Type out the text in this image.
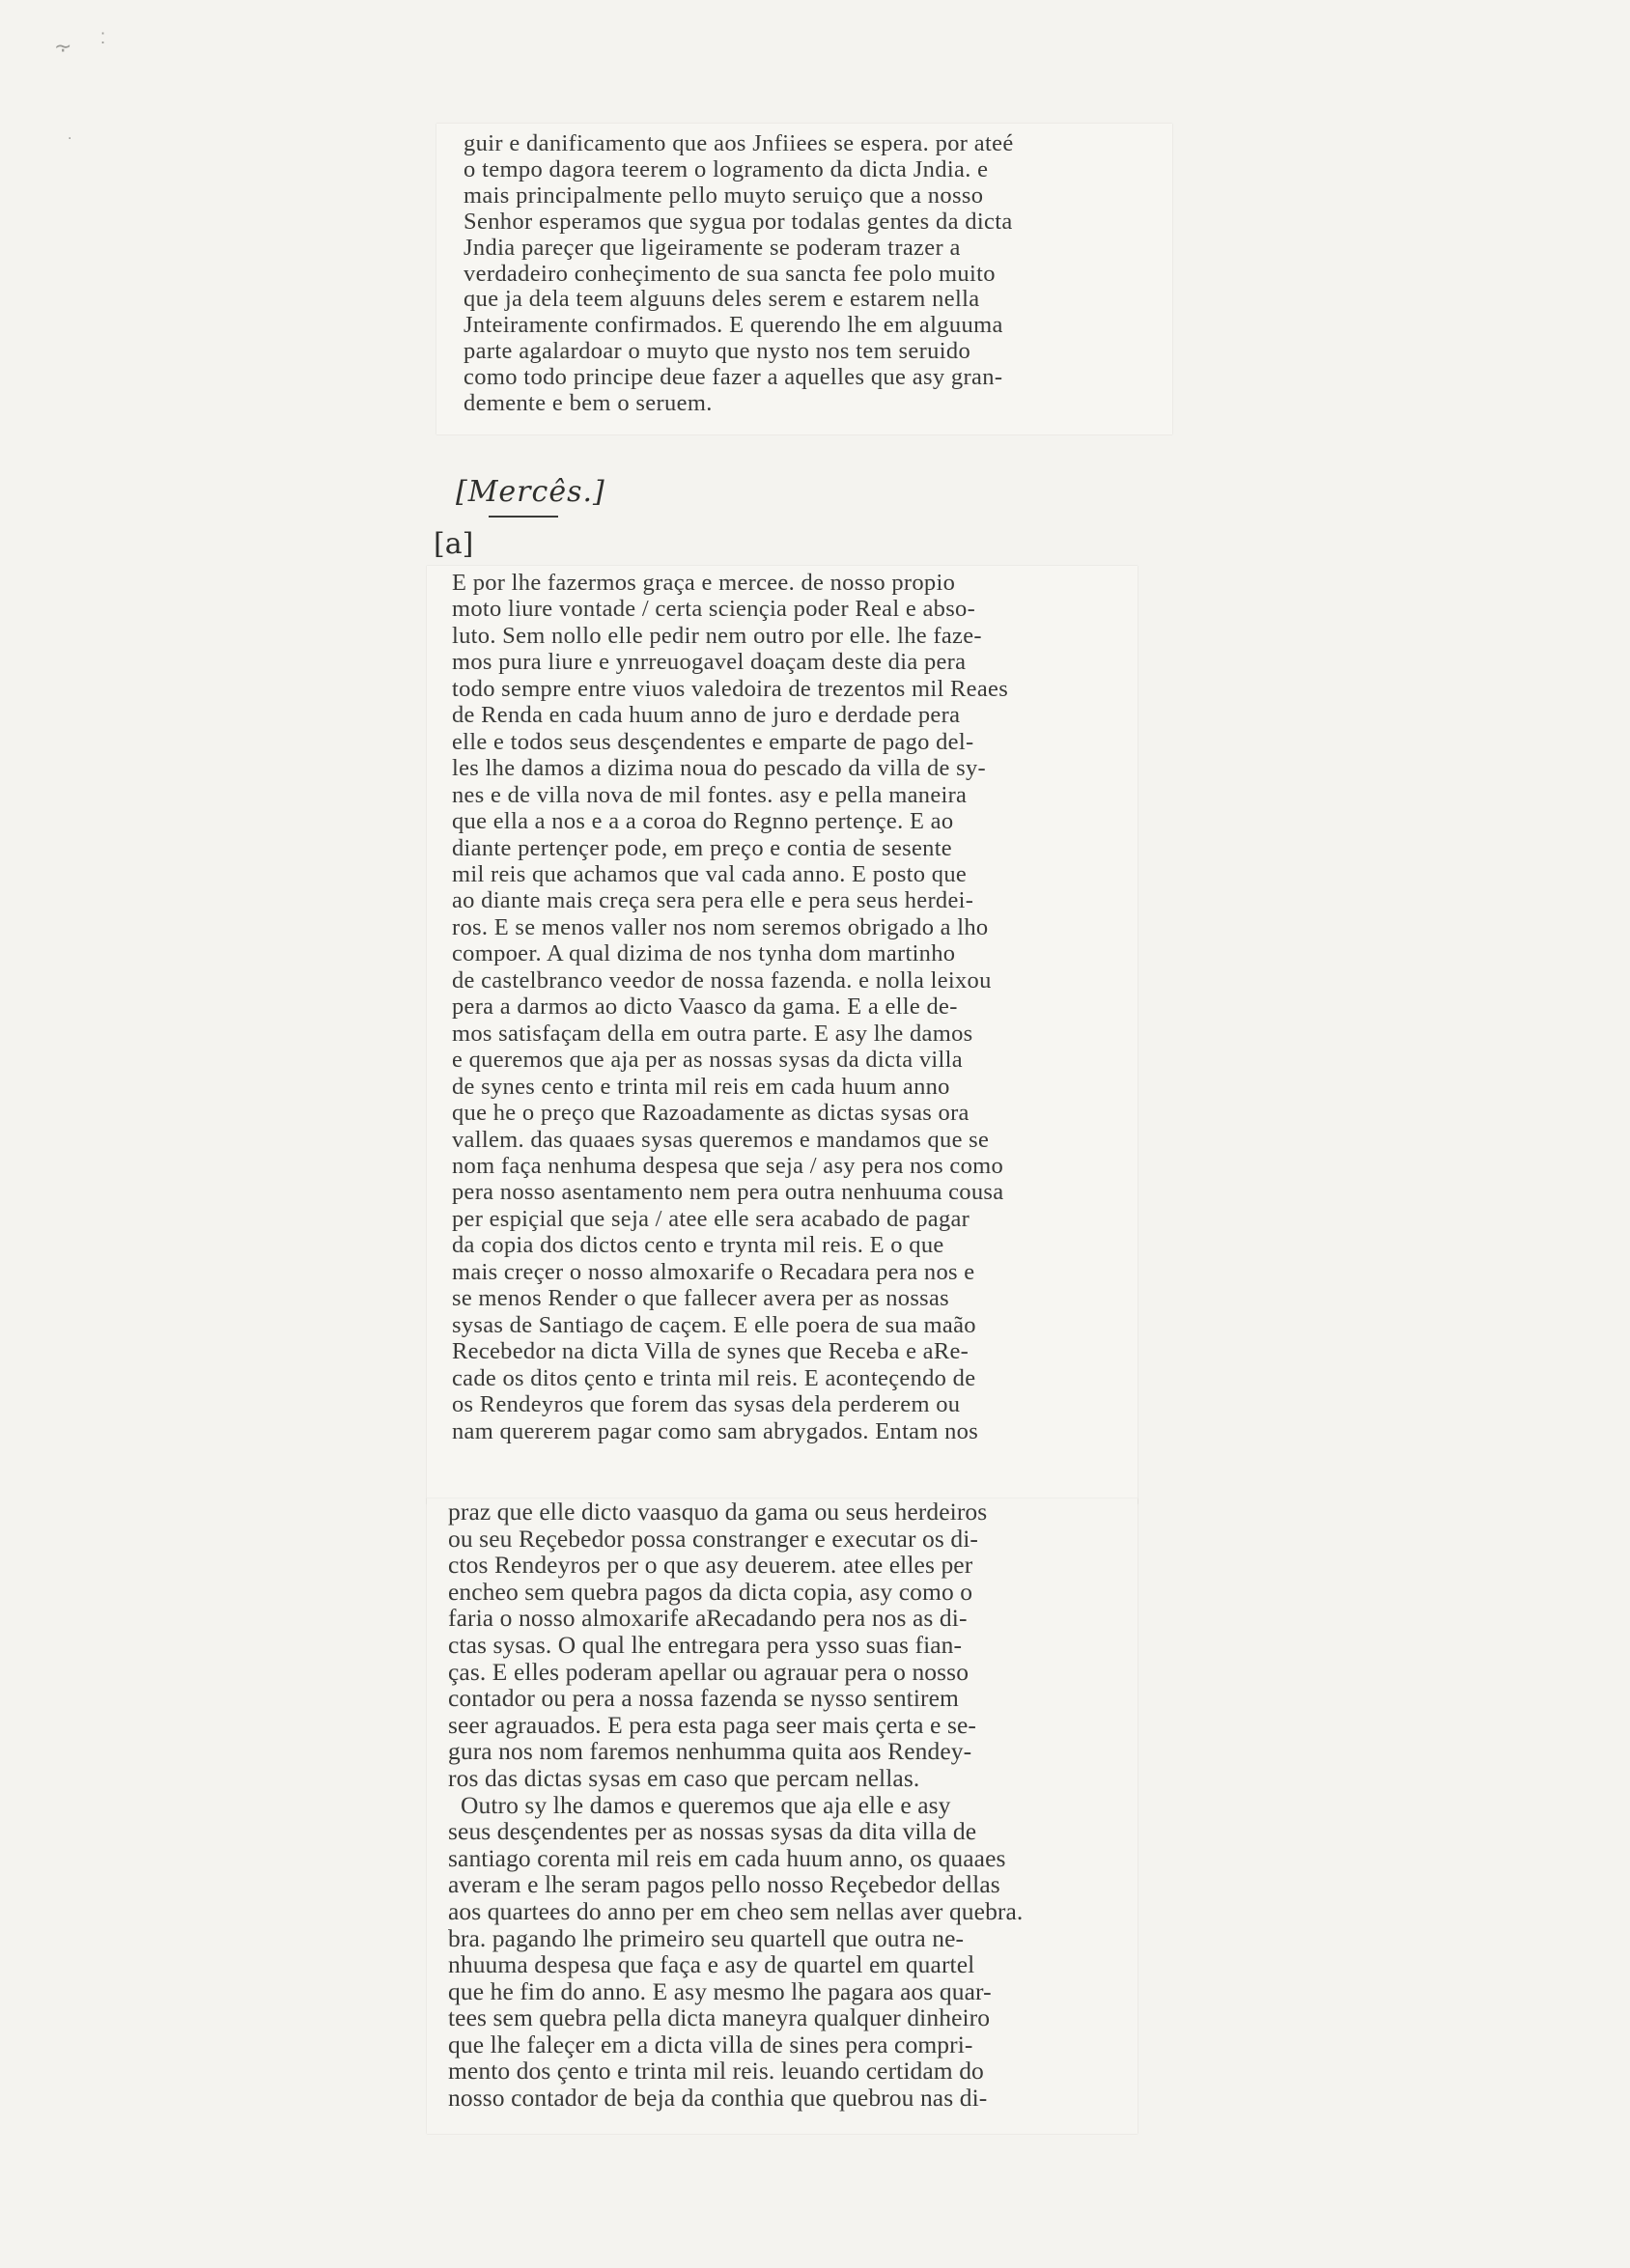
⸟ ⁚
·	guir e danificamento que aos Jnfiiees se espera. por ateé

o tempo dagora teerem o logramento da dicta Jndia. e

mais principalmente pello muyto seruiço que a nosso

Senhor esperamos que sygua por todalas gentes da dicta

Jndia pareçer que ligeiramente se poderam trazer a

verdadeiro conheçimento de sua sancta fee polo muito

que ja dela teem alguuns deles serem e estarem nella

Jnteiramente confirmados. E querendo lhe em alguuma

parte agalardoar o muyto que nysto nos tem seruido

como todo principe deue fazer a aquelles que asy gran-

demente e bem o seruem.

[Mercês.]
[a]

E por lhe fazermos graça e mercee. de nosso propio

moto liure vontade / certa sciençia poder Real e abso-

luto. Sem nollo elle pedir nem outro por elle. lhe faze-

mos pura liure e ynrreuogavel doaçam deste dia pera

todo sempre entre viuos valedoira de trezentos mil Reaes

de Renda en cada huum anno de juro e derdade pera

elle e todos seus desçendentes e emparte de pago del-

les lhe damos a dizima noua do pescado da villa de sy-

nes e de villa nova de mil fontes. asy e pella maneira

que ella a nos e a a coroa do Regnno pertençe. E ao

diante pertençer pode, em preço e contia de sesente

mil reis que achamos que val cada anno. E posto que

ao diante mais creça sera pera elle e pera seus herdei-

ros. E se menos valler nos nom seremos obrigado a lho

compoer. A qual dizima de nos tynha dom martinho

de castelbranco veedor de nossa fazenda. e nolla leixou

pera a darmos ao dicto Vaasco da gama. E a elle de-

mos satisfaçam della em outra parte. E asy lhe damos

e queremos que aja per as nossas sysas da dicta villa

de synes cento e trinta mil reis em cada huum anno

que he o preço que Razoadamente as dictas sysas ora

vallem. das quaaes sysas queremos e mandamos que se

nom faça nenhuma despesa que seja / asy pera nos como

pera nosso asentamento nem pera outra nenhuuma cousa

per espiçial que seja / atee elle sera acabado de pagar

da copia dos dictos cento e trynta mil reis. E o que

mais creçer o nosso almoxarife o Recadara pera nos e

se menos Render o que fallecer avera per as nossas

sysas de Santiago de caçem. E elle poera de sua maão

Recebedor na dicta Villa de synes que Receba e aRe-

cade os ditos çento e trinta mil reis. E aconteçendo de

os Rendeyros que forem das sysas dela perderem ou

nam quererem pagar como sam abrygados. Entam nos

praz que elle dicto vaasquo da gama ou seus herdeiros

ou seu Reçebedor possa constranger e executar os di-

ctos Rendeyros per o que asy deuerem. atee elles per

encheo sem quebra pagos da dicta copia, asy como o

faria o nosso almoxarife aRecadando pera nos as di-

ctas sysas. O qual lhe entregara pera ysso suas fian-

ças. E elles poderam apellar ou agrauar pera o nosso

contador ou pera a nossa fazenda se nysso sentirem

seer agrauados. E pera esta paga seer mais çerta e se-

gura nos nom faremos nenhumma quita aos Rendey-

ros das dictas sysas em caso que percam nellas.

Outro sy lhe damos e queremos que aja elle e asy

seus desçendentes per as nossas sysas da dita villa de

santiago corenta mil reis em cada huum anno, os quaaes

averam e lhe seram pagos pello nosso Reçebedor dellas

aos quartees do anno per em cheo sem nellas aver quebra.

bra. pagando lhe primeiro seu quartell que outra ne-

nhuuma despesa que faça e asy de quartel em quartel

que he fim do anno. E asy mesmo lhe pagara aos quar-

tees sem quebra pella dicta maneyra qualquer dinheiro

que lhe faleçer em a dicta villa de sines pera compri-

mento dos çento e trinta mil reis. leuando certidam do

nosso contador de beja da conthia que quebrou nas di-
